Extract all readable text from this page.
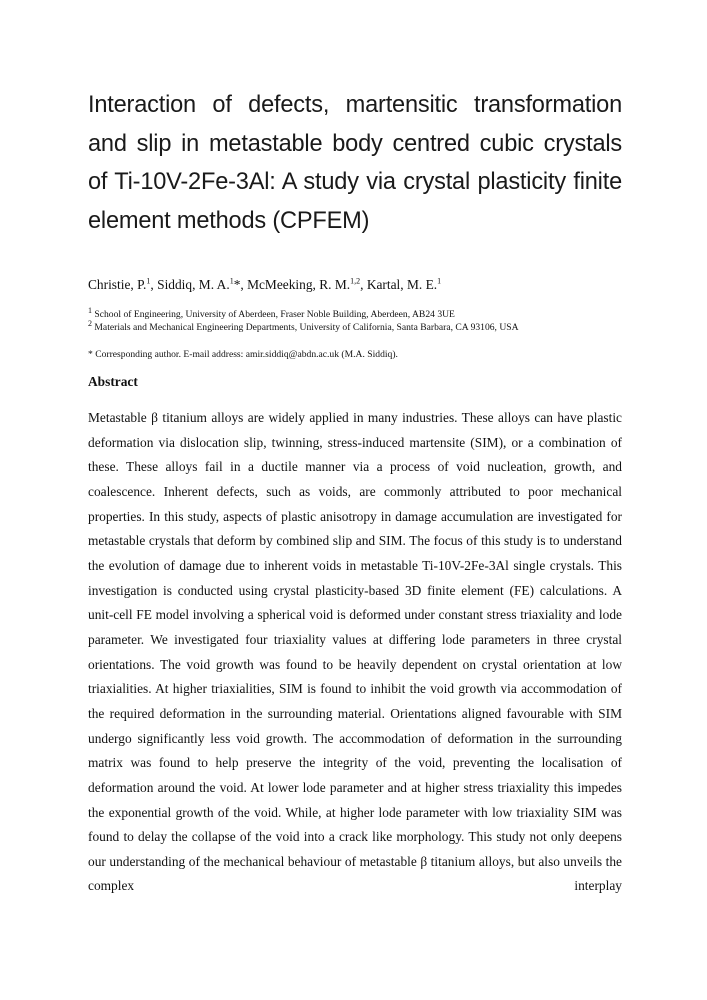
Interaction of defects, martensitic transformation and slip in metastable body centred cubic crystals of Ti-10V-2Fe-3Al: A study via crystal plasticity finite element methods (CPFEM)
Christie, P.$^1$, Siddiq, M. A.$^1$*, McMeeking, R. M.$^{1,2}$, Kartal, M. E.$^1$
$^1$ School of Engineering, University of Aberdeen, Fraser Noble Building, Aberdeen, AB24 3UE
$^2$ Materials and Mechanical Engineering Departments, University of California, Santa Barbara, CA 93106, USA
* Corresponding author. E-mail address: amir.siddiq@abdn.ac.uk (M.A. Siddiq).
Abstract
Metastable β titanium alloys are widely applied in many industries. These alloys can have plastic deformation via dislocation slip, twinning, stress-induced martensite (SIM), or a combination of these. These alloys fail in a ductile manner via a process of void nucleation, growth, and coalescence. Inherent defects, such as voids, are commonly attributed to poor mechanical properties. In this study, aspects of plastic anisotropy in damage accumulation are investigated for metastable crystals that deform by combined slip and SIM. The focus of this study is to understand the evolution of damage due to inherent voids in metastable Ti-10V-2Fe-3Al single crystals. This investigation is conducted using crystal plasticity-based 3D finite element (FE) calculations. A unit-cell FE model involving a spherical void is deformed under constant stress triaxiality and lode parameter. We investigated four triaxiality values at differing lode parameters in three crystal orientations. The void growth was found to be heavily dependent on crystal orientation at low triaxialities. At higher triaxialities, SIM is found to inhibit the void growth via accommodation of the required deformation in the surrounding material. Orientations aligned favourable with SIM undergo significantly less void growth. The accommodation of deformation in the surrounding matrix was found to help preserve the integrity of the void, preventing the localisation of deformation around the void. At lower lode parameter and at higher stress triaxiality this impedes the exponential growth of the void. While, at higher lode parameter with low triaxiality SIM was found to delay the collapse of the void into a crack like morphology. This study not only deepens our understanding of the mechanical behaviour of metastable β titanium alloys, but also unveils the complex interplay
